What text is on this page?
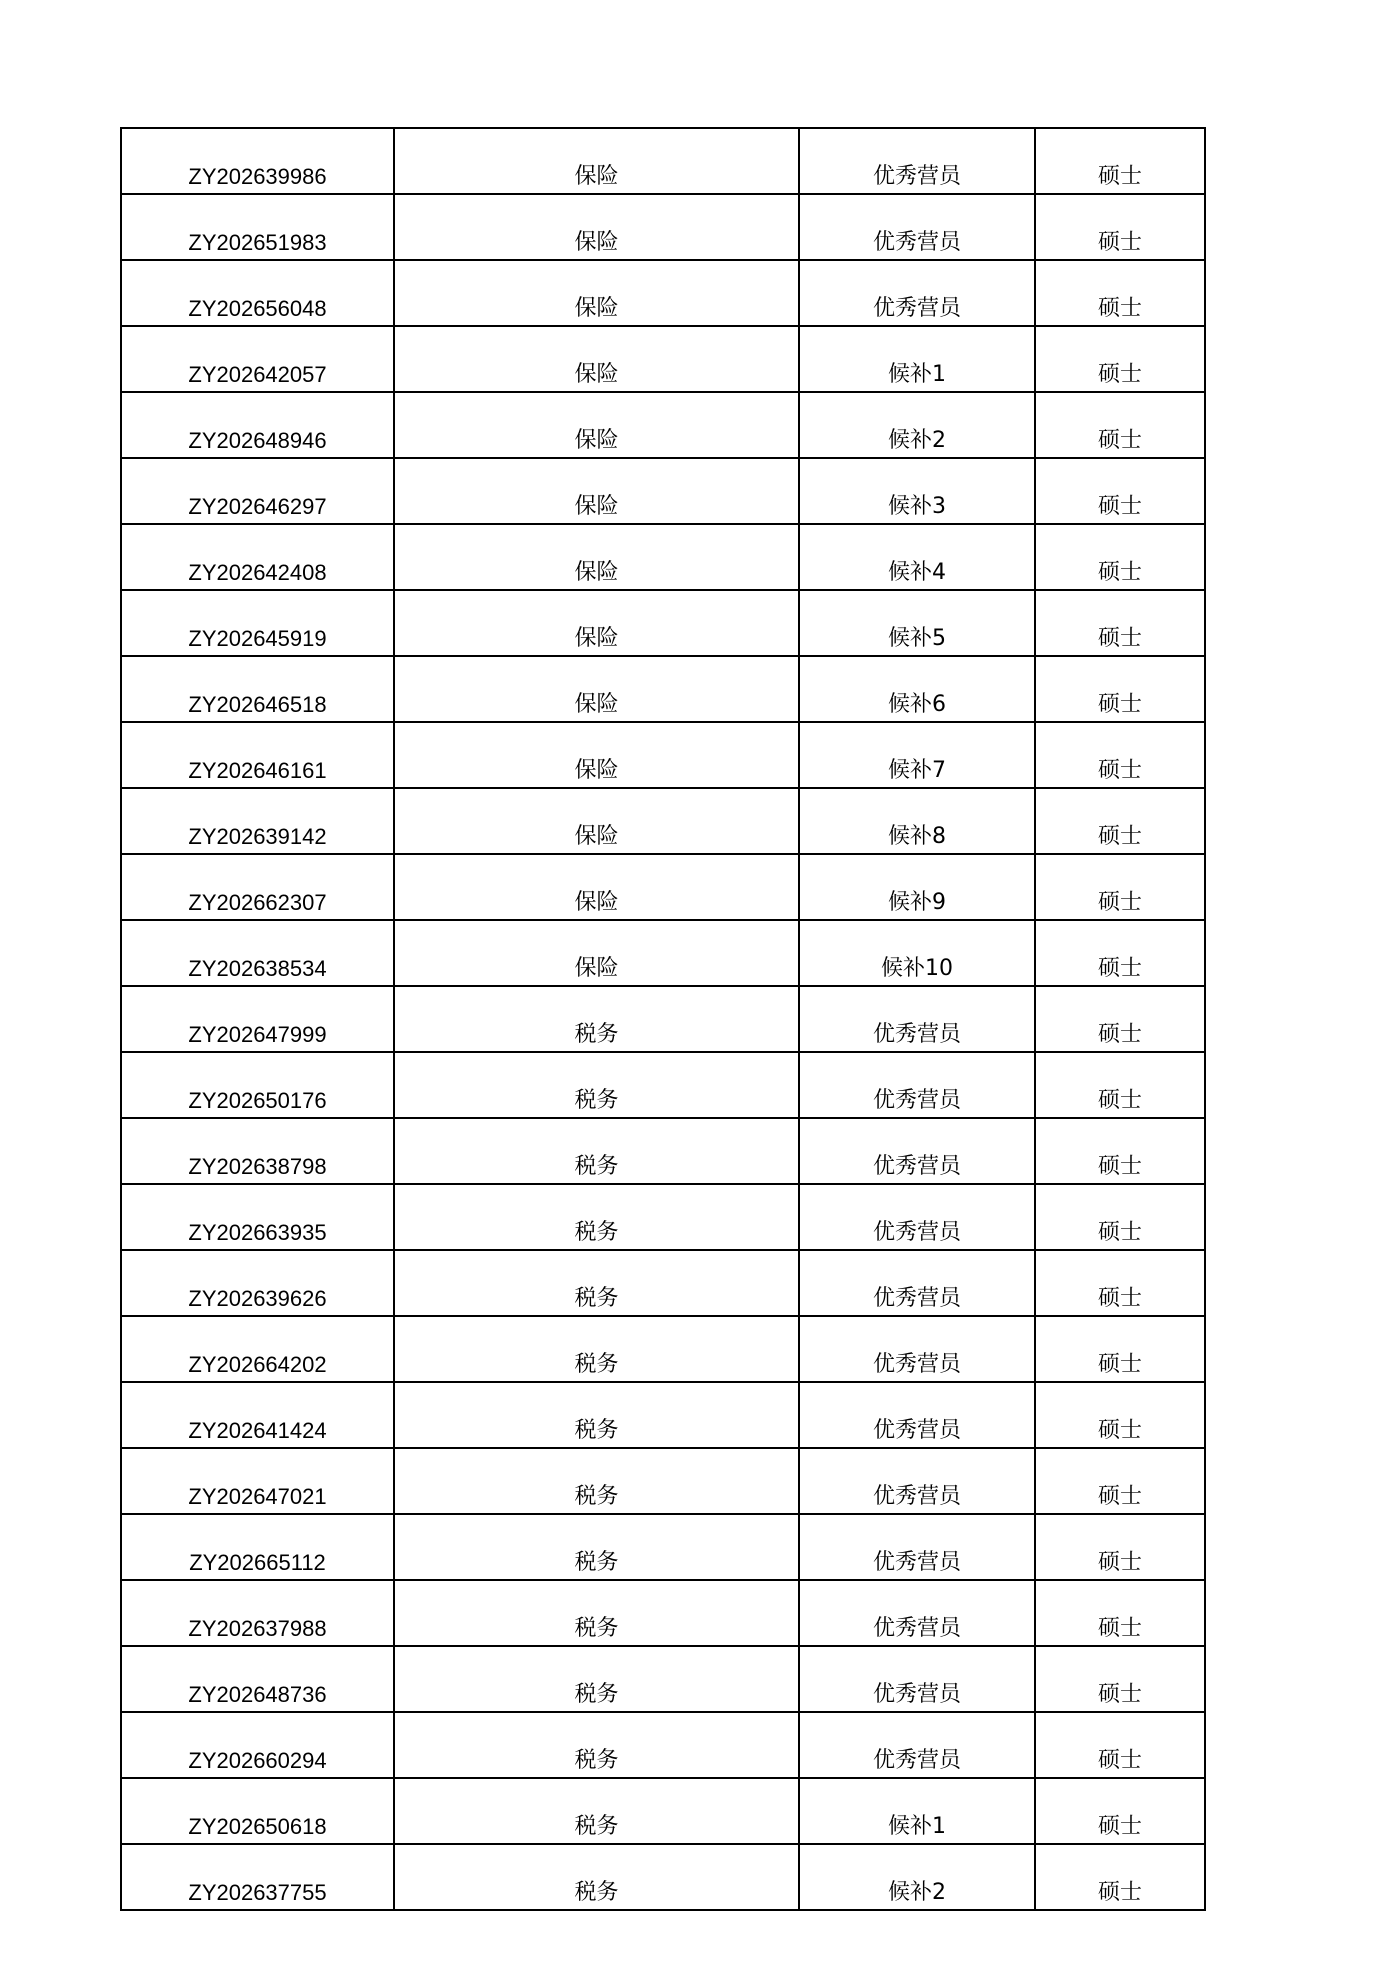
ZY202639986	保险	优秀营员	硕士
ZY202651983	保险	优秀营员	硕士
ZY202656048	保险	优秀营员	硕士
ZY202642057	保险	候补1	硕士
ZY202648946	保险	候补2	硕士
ZY202646297	保险	候补3	硕士
ZY202642408	保险	候补4	硕士
ZY202645919	保险	候补5	硕士
ZY202646518	保险	候补6	硕士
ZY202646161	保险	候补7	硕士
ZY202639142	保险	候补8	硕士
ZY202662307	保险	候补9	硕士
ZY202638534	保险	候补10	硕士
ZY202647999	税务	优秀营员	硕士
ZY202650176	税务	优秀营员	硕士
ZY202638798	税务	优秀营员	硕士
ZY202663935	税务	优秀营员	硕士
ZY202639626	税务	优秀营员	硕士
ZY202664202	税务	优秀营员	硕士
ZY202641424	税务	优秀营员	硕士
ZY202647021	税务	优秀营员	硕士
ZY202665112	税务	优秀营员	硕士
ZY202637988	税务	优秀营员	硕士
ZY202648736	税务	优秀营员	硕士
ZY202660294	税务	优秀营员	硕士
ZY202650618	税务	候补1	硕士
ZY202637755	税务	候补2	硕士
